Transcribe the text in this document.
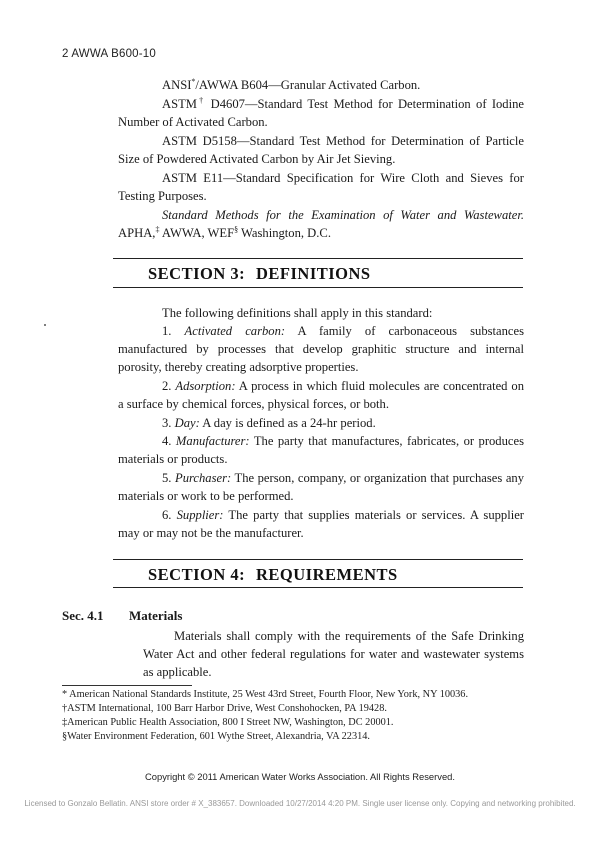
2 AWWA B600-10
ANSI*/AWWA B604—Granular Activated Carbon.
ASTM† D4607—Standard Test Method for Determination of Iodine Number of Activated Carbon.
ASTM D5158—Standard Test Method for Determination of Particle Size of Powdered Activated Carbon by Air Jet Sieving.
ASTM E11—Standard Specification for Wire Cloth and Sieves for Testing Purposes.
Standard Methods for the Examination of Water and Wastewater. APHA,‡ AWWA, WEF§ Washington, D.C.
SECTION 3: DEFINITIONS
The following definitions shall apply in this standard:
1. Activated carbon: A family of carbonaceous substances manufactured by processes that develop graphitic structure and internal porosity, thereby creating adsorptive properties.
2. Adsorption: A process in which fluid molecules are concentrated on a surface by chemical forces, physical forces, or both.
3. Day: A day is defined as a 24-hr period.
4. Manufacturer: The party that manufactures, fabricates, or produces materials or products.
5. Purchaser: The person, company, or organization that purchases any materials or work to be performed.
6. Supplier: The party that supplies materials or services. A supplier may or may not be the manufacturer.
SECTION 4: REQUIREMENTS
Sec. 4.1 Materials
Materials shall comply with the requirements of the Safe Drinking Water Act and other federal regulations for water and wastewater systems as applicable.
* American National Standards Institute, 25 West 43rd Street, Fourth Floor, New York, NY 10036.
†ASTM International, 100 Barr Harbor Drive, West Conshohocken, PA 19428.
‡American Public Health Association, 800 I Street NW, Washington, DC 20001.
§Water Environment Federation, 601 Wythe Street, Alexandria, VA 22314.
Copyright © 2011 American Water Works Association. All Rights Reserved.
Licensed to Gonzalo Bellatin. ANSI store order # X_383657. Downloaded 10/27/2014 4:20 PM. Single user license only. Copying and networking prohibited.
